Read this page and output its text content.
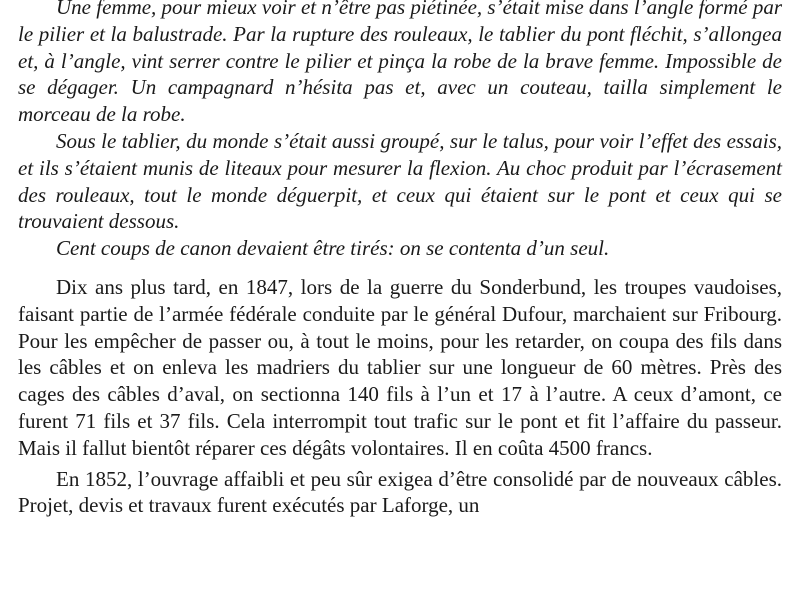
Une femme, pour mieux voir et n’être pas piétinée, s’était mise dans l’angle formé par le pilier et la balustrade. Par la rupture des rouleaux, le tablier du pont fléchit, s’allongea et, à l’angle, vint serrer contre le pilier et pinça la robe de la brave femme. Impossible de se dégager. Un campagnard n’hésita pas et, avec un couteau, tailla simplement le morceau de la robe.

Sous le tablier, du monde s’était aussi groupé, sur le talus, pour voir l’effet des essais, et ils s’étaient munis de liteaux pour mesurer la flexion. Au choc produit par l’écrasement des rouleaux, tout le monde déguerpit, et ceux qui étaient sur le pont et ceux qui se trouvaient dessous.

Cent coups de canon devaient être tirés: on se contenta d’un seul.

Dix ans plus tard, en 1847, lors de la guerre du Sonderbund, les troupes vaudoises, faisant partie de l’armée fédérale conduite par le général Dufour, marchaient sur Fribourg. Pour les empêcher de passer ou, à tout le moins, pour les retarder, on coupa des fils dans les câbles et on enleva les madriers du tablier sur une longueur de 60 mètres. Près des cages des câbles d’aval, on sectionna 140 fils à l’un et 17 à l’autre. A ceux d’amont, ce furent 71 fils et 37 fils. Cela interrompit tout trafic sur le pont et fit l’affaire du passeur. Mais il fallut bientôt réparer ces dégâts volontaires. Il en coûta 4500 francs.

En 1852, l’ouvrage affaibli et peu sûr exigea d’être consolidé par de nouveaux câbles. Projet, devis et travaux furent exécutés par Laforge, un
